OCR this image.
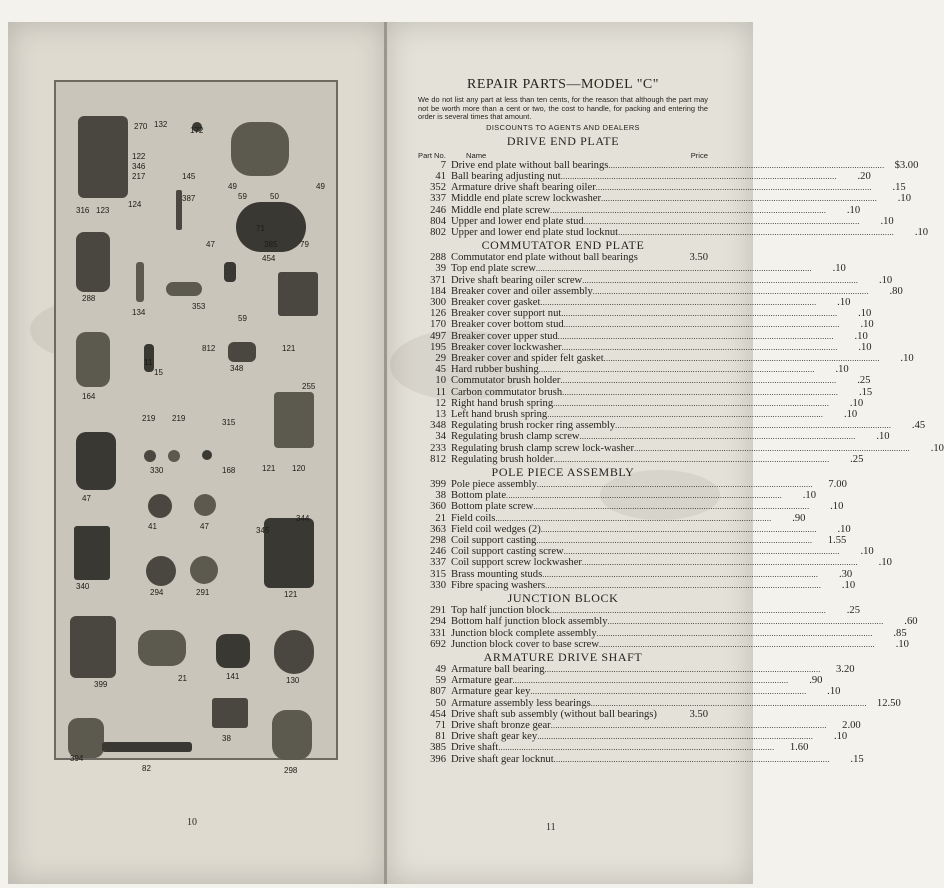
270 132
172
316 123
122
346
217
124
145
49
59	50
49
387
71
385	79
47
454
288
134
353
59
121
164
11
15
812
348
219 219	315
255
121 120
47
330	168
41	47	345
344
340
294	291	121
399
21	141	130
394
82
38
298
10
REPAIR PARTS—MODEL "C"
We do not list any part at less than ten cents, for the reason that although the part may not be worth more than a cent or two, the cost to handle, for packing and entering the order is several times that amount.
DISCOUNTS TO AGENTS AND DEALERS
DRIVE END PLATE
Part No.	Name	Price
7 Drive end plate without ball bearings ........................................................................................................................ $3.00
41 Ball bearing adjusting nut ........................................................................................................................	.20
352 Armature drive shaft bearing oiler ........................................................................................................................	.15
337 Middle end plate screw lockwasher ........................................................................................................................	.10
246 Middle end plate screw ........................................................................................................................	.10
804 Upper and lower end plate stud ........................................................................................................................	.10
802 Upper and lower end plate stud locknut ........................................................................................................................	.10
COMMUTATOR END PLATE
288 Commutator end plate without ball bearings	3.50
39 Top end plate screw ........................................................................................................................	.10
371 Drive shaft bearing oiler screw ........................................................................................................................	.10
184 Breaker cover and oiler assembly ........................................................................................................................	.80
300 Breaker cover gasket ........................................................................................................................	.10
126 Breaker cover support nut ........................................................................................................................	.10
170 Breaker cover bottom stud ........................................................................................................................	.10
497 Breaker cover upper stud ........................................................................................................................	.10
195 Breaker cover lockwasher ........................................................................................................................	.10
29 Breaker cover and spider felt gasket ........................................................................................................................	.10
45 Hard rubber bushing ........................................................................................................................	.10
10 Commutator brush holder ........................................................................................................................	.25
11 Carbon commutator brush ........................................................................................................................	.15
12 Right hand brush spring ........................................................................................................................	.10
13 Left hand brush spring ........................................................................................................................	.10
348 Regulating brush rocker ring assembly ........................................................................................................................	.45
34 Regulating brush clamp screw ........................................................................................................................	.10
233 Regulating brush clamp screw lock-washer ........................................................................................................................	.10
812 Regulating brush holder ........................................................................................................................	.25
POLE PIECE ASSEMBLY
399 Pole piece assembly ........................................................................................................................	7.00
38 Bottom plate ........................................................................................................................	.10
360 Bottom plate screw ........................................................................................................................	.10
21 Field coils ........................................................................................................................	.90
363 Field coil wedges (2) ........................................................................................................................	.10
298 Coil support casting ........................................................................................................................	1.55
246 Coil support casting screw ........................................................................................................................	.10
337 Coil support screw lockwasher ........................................................................................................................	.10
315 Brass mounting studs ........................................................................................................................	.30
330 Fibre spacing washers ........................................................................................................................	.10
JUNCTION BLOCK
291 Top half junction block ........................................................................................................................	.25
294 Bottom half junction block assembly ........................................................................................................................	.60
331 Junction block complete assembly ........................................................................................................................	.85
692 Junction block cover to base screw ........................................................................................................................	.10
ARMATURE DRIVE SHAFT
49 Armature ball bearing ........................................................................................................................	3.20
59 Armature gear ........................................................................................................................	.90
807 Armature gear key ........................................................................................................................	.10
50 Armature assembly less bearings ........................................................................................................................ 12.50
454 Drive shaft sub assembly (without ball bearings)	3.50
71 Drive shaft bronze gear ........................................................................................................................	2.00
81 Drive shaft gear key ........................................................................................................................	.10
385 Drive shaft ........................................................................................................................	1.60
396 Drive shaft gear locknut ........................................................................................................................	.15
11
